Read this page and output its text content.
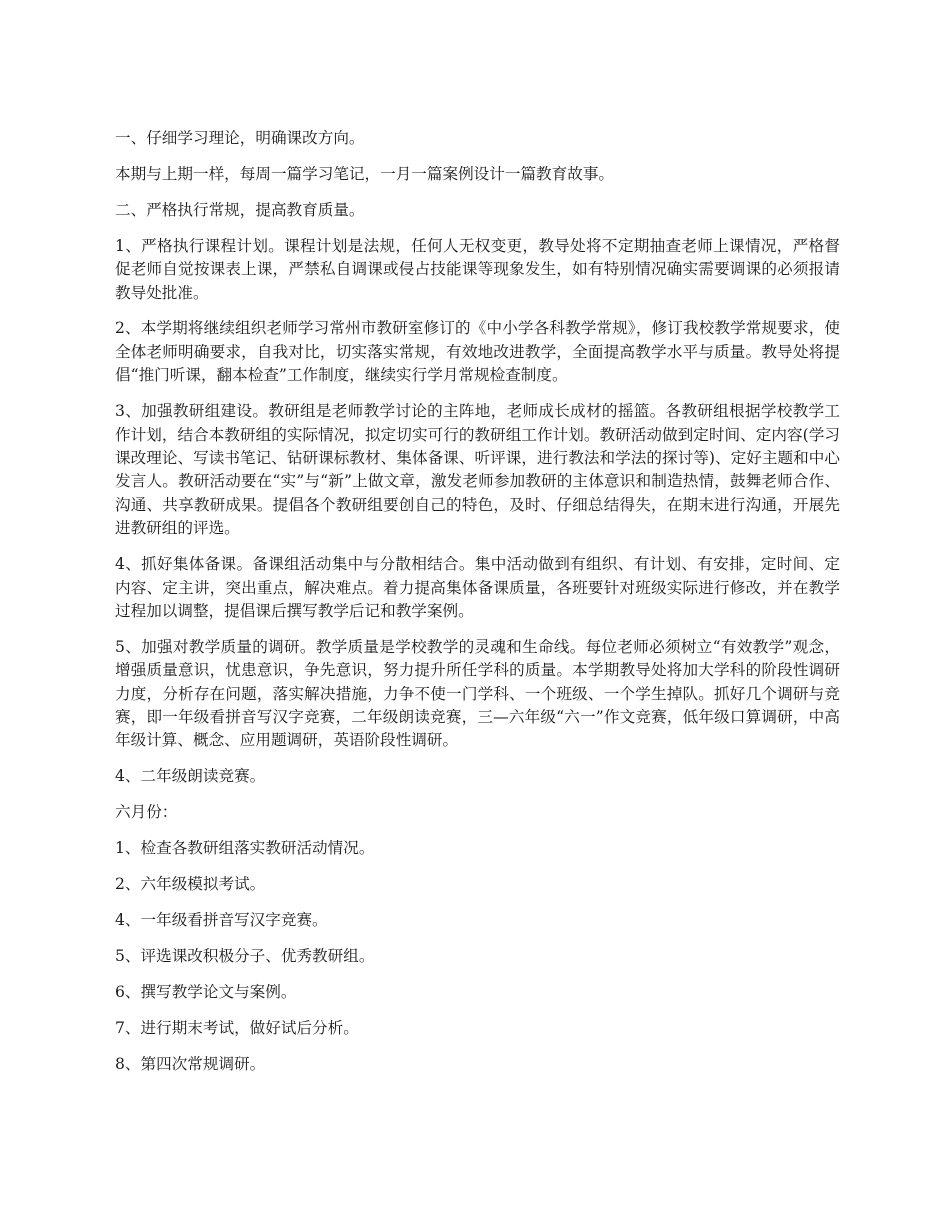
一、仔细学习理论，明确课改方向。

本期与上期一样，每周一篇学习笔记，一月一篇案例设计一篇教育故事。

二、严格执行常规，提高教育质量。

1、严格执行课程计划。课程计划是法规，任何人无权变更，教导处将不定期抽查老师上课情况，严格督促老师自觉按课表上课，严禁私自调课或侵占技能课等现象发生，如有特别情况确实需要调课的必须报请教导处批准。

2、本学期将继续组织老师学习常州市教研室修订的《中小学各科教学常规》，修订我校教学常规要求，使全体老师明确要求，自我对比，切实落实常规，有效地改进教学，全面提高教学水平与质量。教导处将提倡“推门听课，翻本检查”工作制度，继续实行学月常规检查制度。

3、加强教研组建设。教研组是老师教学讨论的主阵地，老师成长成材的摇篮。各教研组根据学校教学工作计划，结合本教研组的实际情况，拟定切实可行的教研组工作计划。教研活动做到定时间、定内容(学习课改理论、写读书笔记、钻研课标教材、集体备课、听评课，进行教法和学法的探讨等)、定好主题和中心发言人。教研活动要在“实”与“新”上做文章，激发老师参加教研的主体意识和制造热情，鼓舞老师合作、沟通、共享教研成果。提倡各个教研组要创自己的特色，及时、仔细总结得失，在期末进行沟通，开展先进教研组的评选。

4、抓好集体备课。备课组活动集中与分散相结合。集中活动做到有组织、有计划、有安排，定时间、定内容、定主讲，突出重点，解决难点。着力提高集体备课质量，各班要针对班级实际进行修改，并在教学过程加以调整，提倡课后撰写教学后记和教学案例。

5、加强对教学质量的调研。教学质量是学校教学的灵魂和生命线。每位老师必须树立“有效教学”观念，增强质量意识，忧患意识，争先意识，努力提升所任学科的质量。本学期教导处将加大学科的阶段性调研力度，分析存在问题，落实解决措施，力争不使一门学科、一个班级、一个学生掉队。抓好几个调研与竞赛，即一年级看拼音写汉字竞赛，二年级朗读竞赛，三—六年级“六一”作文竞赛，低年级口算调研，中高年级计算、概念、应用题调研，英语阶段性调研。

4、二年级朗读竞赛。

六月份：

1、检查各教研组落实教研活动情况。

2、六年级模拟考试。

4、一年级看拼音写汉字竞赛。

5、评选课改积极分子、优秀教研组。

6、撰写教学论文与案例。

7、进行期末考试，做好试后分析。

8、第四次常规调研。
